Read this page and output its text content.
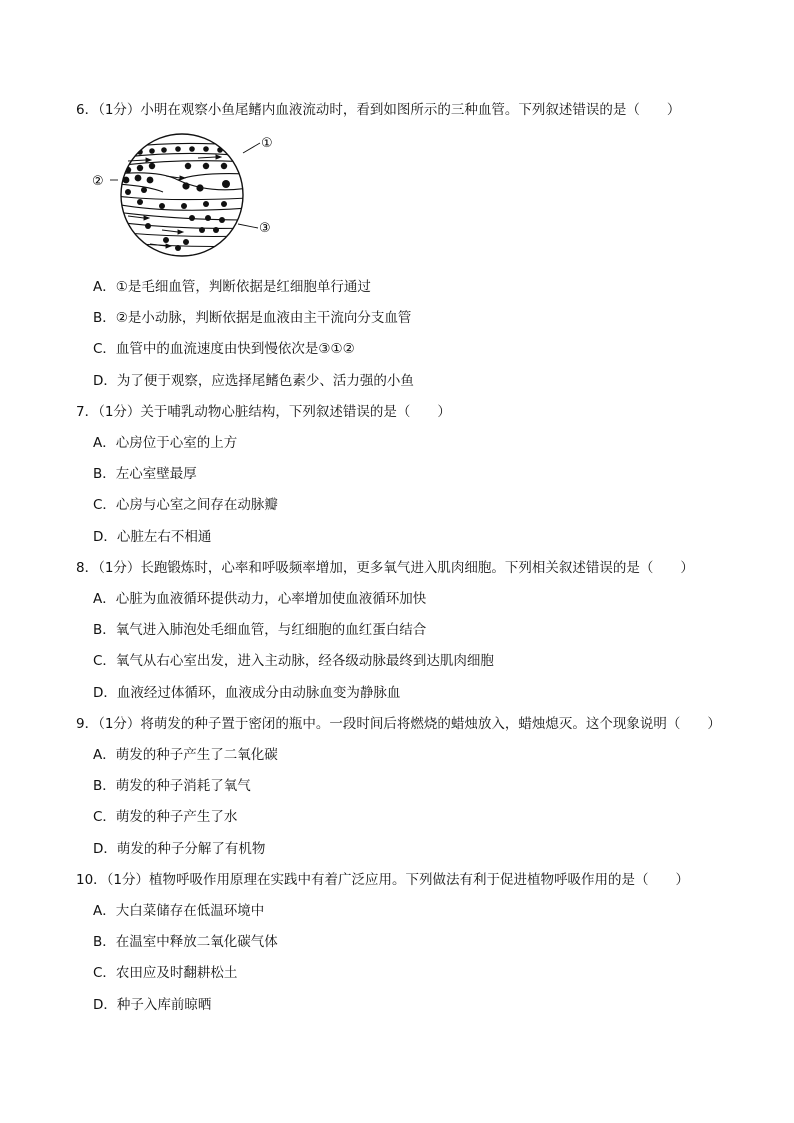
6．（1分）小明在观察小鱼尾鳍内血液流动时，看到如图所示的三种血管。下列叙述错误的是（　　）
①
②
③
A．①是毛细血管，判断依据是红细胞单行通过
B．②是小动脉，判断依据是血液由主干流向分支血管
C．血管中的血流速度由快到慢依次是③①②
D．为了便于观察，应选择尾鳍色素少、活力强的小鱼
7．（1分）关于哺乳动物心脏结构，下列叙述错误的是（　　）
A．心房位于心室的上方
B．左心室壁最厚
C．心房与心室之间存在动脉瓣
D．心脏左右不相通
8．（1分）长跑锻炼时，心率和呼吸频率增加，更多氧气进入肌肉细胞。下列相关叙述错误的是（　　）
A．心脏为血液循环提供动力，心率增加使血液循环加快
B．氧气进入肺泡处毛细血管，与红细胞的血红蛋白结合
C．氧气从右心室出发，进入主动脉，经各级动脉最终到达肌肉细胞
D．血液经过体循环，血液成分由动脉血变为静脉血
9．（1分）将萌发的种子置于密闭的瓶中。一段时间后将燃烧的蜡烛放入，蜡烛熄灭。这个现象说明（　　）
A．萌发的种子产生了二氧化碳
B．萌发的种子消耗了氧气
C．萌发的种子产生了水
D．萌发的种子分解了有机物
10．（1分）植物呼吸作用原理在实践中有着广泛应用。下列做法有利于促进植物呼吸作用的是（　　）
A．大白菜储存在低温环境中
B．在温室中释放二氧化碳气体
C．农田应及时翻耕松土
D．种子入库前晾晒
